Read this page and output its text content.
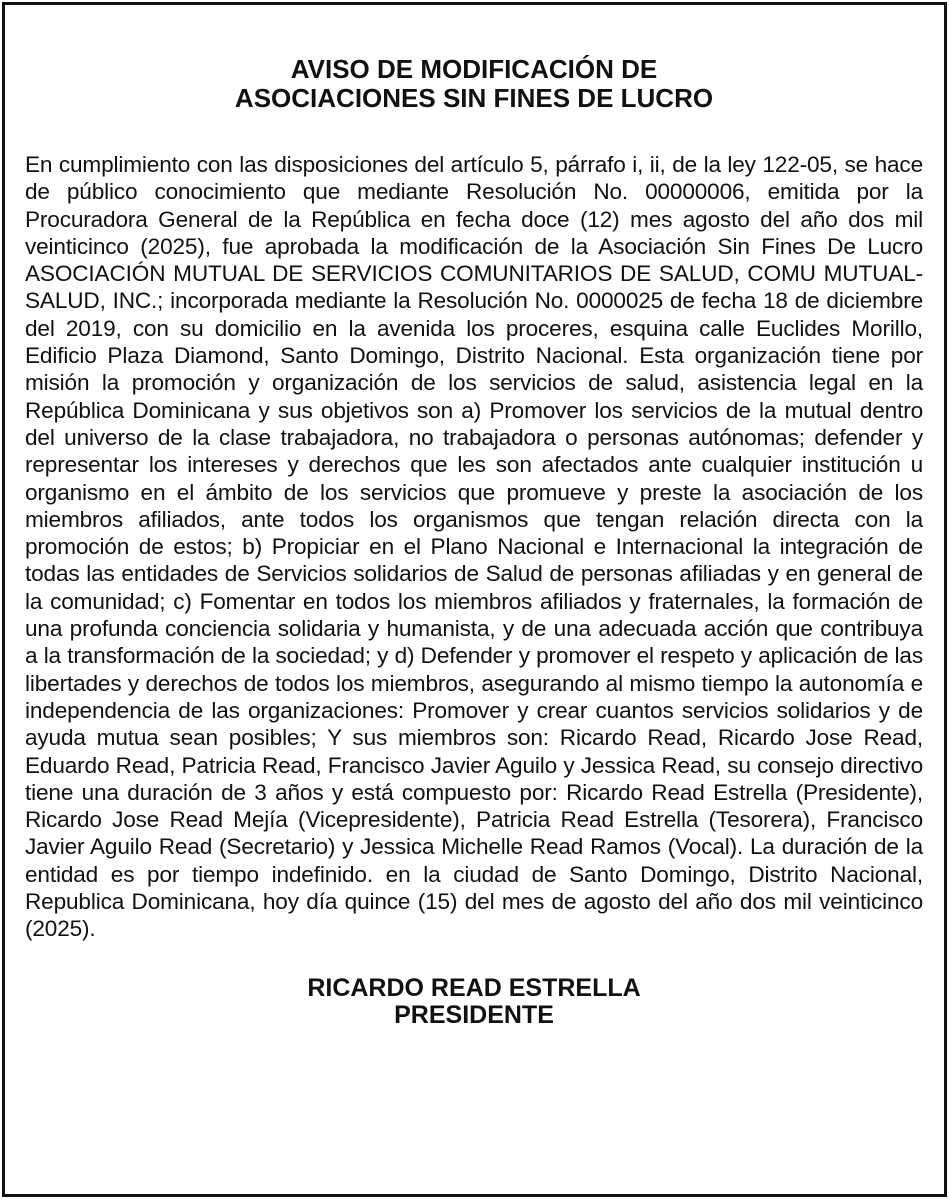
AVISO DE MODIFICACIÓN DE
ASOCIACIONES SIN FINES DE LUCRO

En cumplimiento con las disposiciones del artículo 5, párrafo i, ii, de la ley 122-05, se hace de público conocimiento que mediante Resolución No. 00000006, emitida por la Procuradora General de la República en fecha doce (12) mes agosto del año dos mil veinticinco (2025), fue aprobada la modificación de la Asociación Sin Fines De Lucro ASOCIACIÓN MUTUAL DE SERVICIOS COMUNITARIOS DE SALUD, COMU MUTUAL-SALUD, INC.; incorporada mediante la Resolución No. 0000025 de fecha 18 de diciembre del 2019, con su domicilio en la avenida los proceres, esquina calle Euclides Morillo, Edificio Plaza Diamond, Santo Domingo, Distrito Nacional. Esta organización tiene por misión la promoción y organización de los servicios de salud, asistencia legal en la República Dominicana y sus objetivos son a) Promover los servicios de la mutual dentro del universo de la clase trabajadora, no trabajadora o personas autónomas; defender y representar los intereses y derechos que les son afectados ante cualquier institución u organismo en el ámbito de los servicios que promueve y preste la asociación de los miembros afiliados, ante todos los organismos que tengan relación directa con la promoción de estos; b) Propiciar en el Plano Nacional e Internacional la integración de todas las entidades de Servicios solidarios de Salud de personas afiliadas y en general de la comunidad; c) Fomentar en todos los miembros afiliados y fraternales, la formación de una profunda conciencia solidaria y humanista, y de una adecuada acción que contribuya a la transformación de la sociedad; y d) Defender y promover el respeto y aplicación de las libertades y derechos de todos los miembros, asegurando al mismo tiempo la autonomía e independencia de las organizaciones: Promover y crear cuantos servicios solidarios y de ayuda mutua sean posibles; Y sus miembros son: Ricardo Read, Ricardo Jose Read, Eduardo Read, Patricia Read, Francisco Javier Aguilo y Jessica Read, su consejo directivo tiene una duración de 3 años y está compuesto por: Ricardo Read Estrella (Presidente), Ricardo Jose Read Mejía (Vicepresidente), Patricia Read Estrella (Tesorera), Francisco Javier Aguilo Read (Secretario) y Jessica Michelle Read Ramos (Vocal). La duración de la entidad es por tiempo indefinido. en la ciudad de Santo Domingo, Distrito Nacional, Republica Dominicana, hoy día quince (15) del mes de agosto del año dos mil veinticinco (2025).

RICARDO READ ESTRELLA
PRESIDENTE
